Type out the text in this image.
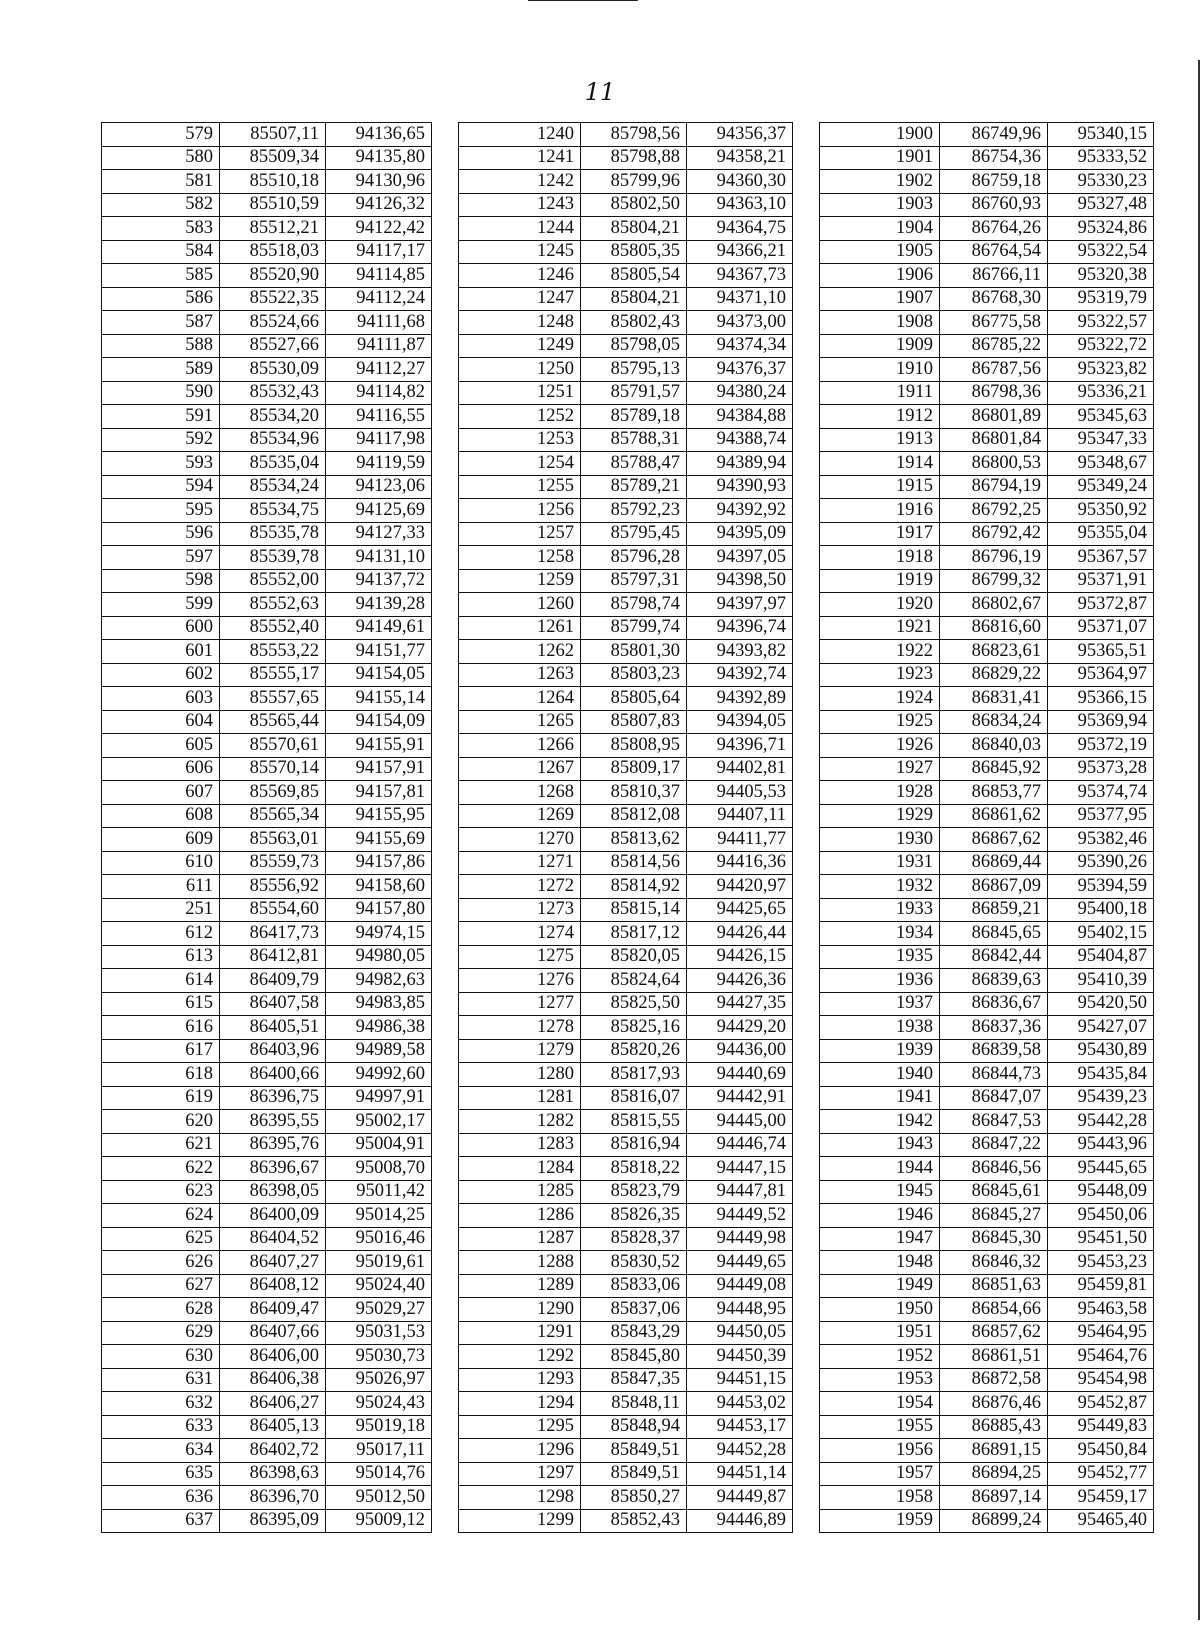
11
579	85507,11	94136,65
580	85509,34	94135,80
581	85510,18	94130,96
582	85510,59	94126,32
583	85512,21	94122,42
584	85518,03	94117,17
585	85520,90	94114,85
586	85522,35	94112,24
587	85524,66	94111,68
588	85527,66	94111,87
589	85530,09	94112,27
590	85532,43	94114,82
591	85534,20	94116,55
592	85534,96	94117,98
593	85535,04	94119,59
594	85534,24	94123,06
595	85534,75	94125,69
596	85535,78	94127,33
597	85539,78	94131,10
598	85552,00	94137,72
599	85552,63	94139,28
600	85552,40	94149,61
601	85553,22	94151,77
602	85555,17	94154,05
603	85557,65	94155,14
604	85565,44	94154,09
605	85570,61	94155,91
606	85570,14	94157,91
607	85569,85	94157,81
608	85565,34	94155,95
609	85563,01	94155,69
610	85559,73	94157,86
611	85556,92	94158,60
251	85554,60	94157,80
612	86417,73	94974,15
613	86412,81	94980,05
614	86409,79	94982,63
615	86407,58	94983,85
616	86405,51	94986,38
617	86403,96	94989,58
618	86400,66	94992,60
619	86396,75	94997,91
620	86395,55	95002,17
621	86395,76	95004,91
622	86396,67	95008,70
623	86398,05	95011,42
624	86400,09	95014,25
625	86404,52	95016,46
626	86407,27	95019,61
627	86408,12	95024,40
628	86409,47	95029,27
629	86407,66	95031,53
630	86406,00	95030,73
631	86406,38	95026,97
632	86406,27	95024,43
633	86405,13	95019,18
634	86402,72	95017,11
635	86398,63	95014,76
636	86396,70	95012,50
637	86395,09	95009,12
1240	85798,56	94356,37
1241	85798,88	94358,21
1242	85799,96	94360,30
1243	85802,50	94363,10
1244	85804,21	94364,75
1245	85805,35	94366,21
1246	85805,54	94367,73
1247	85804,21	94371,10
1248	85802,43	94373,00
1249	85798,05	94374,34
1250	85795,13	94376,37
1251	85791,57	94380,24
1252	85789,18	94384,88
1253	85788,31	94388,74
1254	85788,47	94389,94
1255	85789,21	94390,93
1256	85792,23	94392,92
1257	85795,45	94395,09
1258	85796,28	94397,05
1259	85797,31	94398,50
1260	85798,74	94397,97
1261	85799,74	94396,74
1262	85801,30	94393,82
1263	85803,23	94392,74
1264	85805,64	94392,89
1265	85807,83	94394,05
1266	85808,95	94396,71
1267	85809,17	94402,81
1268	85810,37	94405,53
1269	85812,08	94407,11
1270	85813,62	94411,77
1271	85814,56	94416,36
1272	85814,92	94420,97
1273	85815,14	94425,65
1274	85817,12	94426,44
1275	85820,05	94426,15
1276	85824,64	94426,36
1277	85825,50	94427,35
1278	85825,16	94429,20
1279	85820,26	94436,00
1280	85817,93	94440,69
1281	85816,07	94442,91
1282	85815,55	94445,00
1283	85816,94	94446,74
1284	85818,22	94447,15
1285	85823,79	94447,81
1286	85826,35	94449,52
1287	85828,37	94449,98
1288	85830,52	94449,65
1289	85833,06	94449,08
1290	85837,06	94448,95
1291	85843,29	94450,05
1292	85845,80	94450,39
1293	85847,35	94451,15
1294	85848,11	94453,02
1295	85848,94	94453,17
1296	85849,51	94452,28
1297	85849,51	94451,14
1298	85850,27	94449,87
1299	85852,43	94446,89
1900	86749,96	95340,15
1901	86754,36	95333,52
1902	86759,18	95330,23
1903	86760,93	95327,48
1904	86764,26	95324,86
1905	86764,54	95322,54
1906	86766,11	95320,38
1907	86768,30	95319,79
1908	86775,58	95322,57
1909	86785,22	95322,72
1910	86787,56	95323,82
1911	86798,36	95336,21
1912	86801,89	95345,63
1913	86801,84	95347,33
1914	86800,53	95348,67
1915	86794,19	95349,24
1916	86792,25	95350,92
1917	86792,42	95355,04
1918	86796,19	95367,57
1919	86799,32	95371,91
1920	86802,67	95372,87
1921	86816,60	95371,07
1922	86823,61	95365,51
1923	86829,22	95364,97
1924	86831,41	95366,15
1925	86834,24	95369,94
1926	86840,03	95372,19
1927	86845,92	95373,28
1928	86853,77	95374,74
1929	86861,62	95377,95
1930	86867,62	95382,46
1931	86869,44	95390,26
1932	86867,09	95394,59
1933	86859,21	95400,18
1934	86845,65	95402,15
1935	86842,44	95404,87
1936	86839,63	95410,39
1937	86836,67	95420,50
1938	86837,36	95427,07
1939	86839,58	95430,89
1940	86844,73	95435,84
1941	86847,07	95439,23
1942	86847,53	95442,28
1943	86847,22	95443,96
1944	86846,56	95445,65
1945	86845,61	95448,09
1946	86845,27	95450,06
1947	86845,30	95451,50
1948	86846,32	95453,23
1949	86851,63	95459,81
1950	86854,66	95463,58
1951	86857,62	95464,95
1952	86861,51	95464,76
1953	86872,58	95454,98
1954	86876,46	95452,87
1955	86885,43	95449,83
1956	86891,15	95450,84
1957	86894,25	95452,77
1958	86897,14	95459,17
1959	86899,24	95465,40
